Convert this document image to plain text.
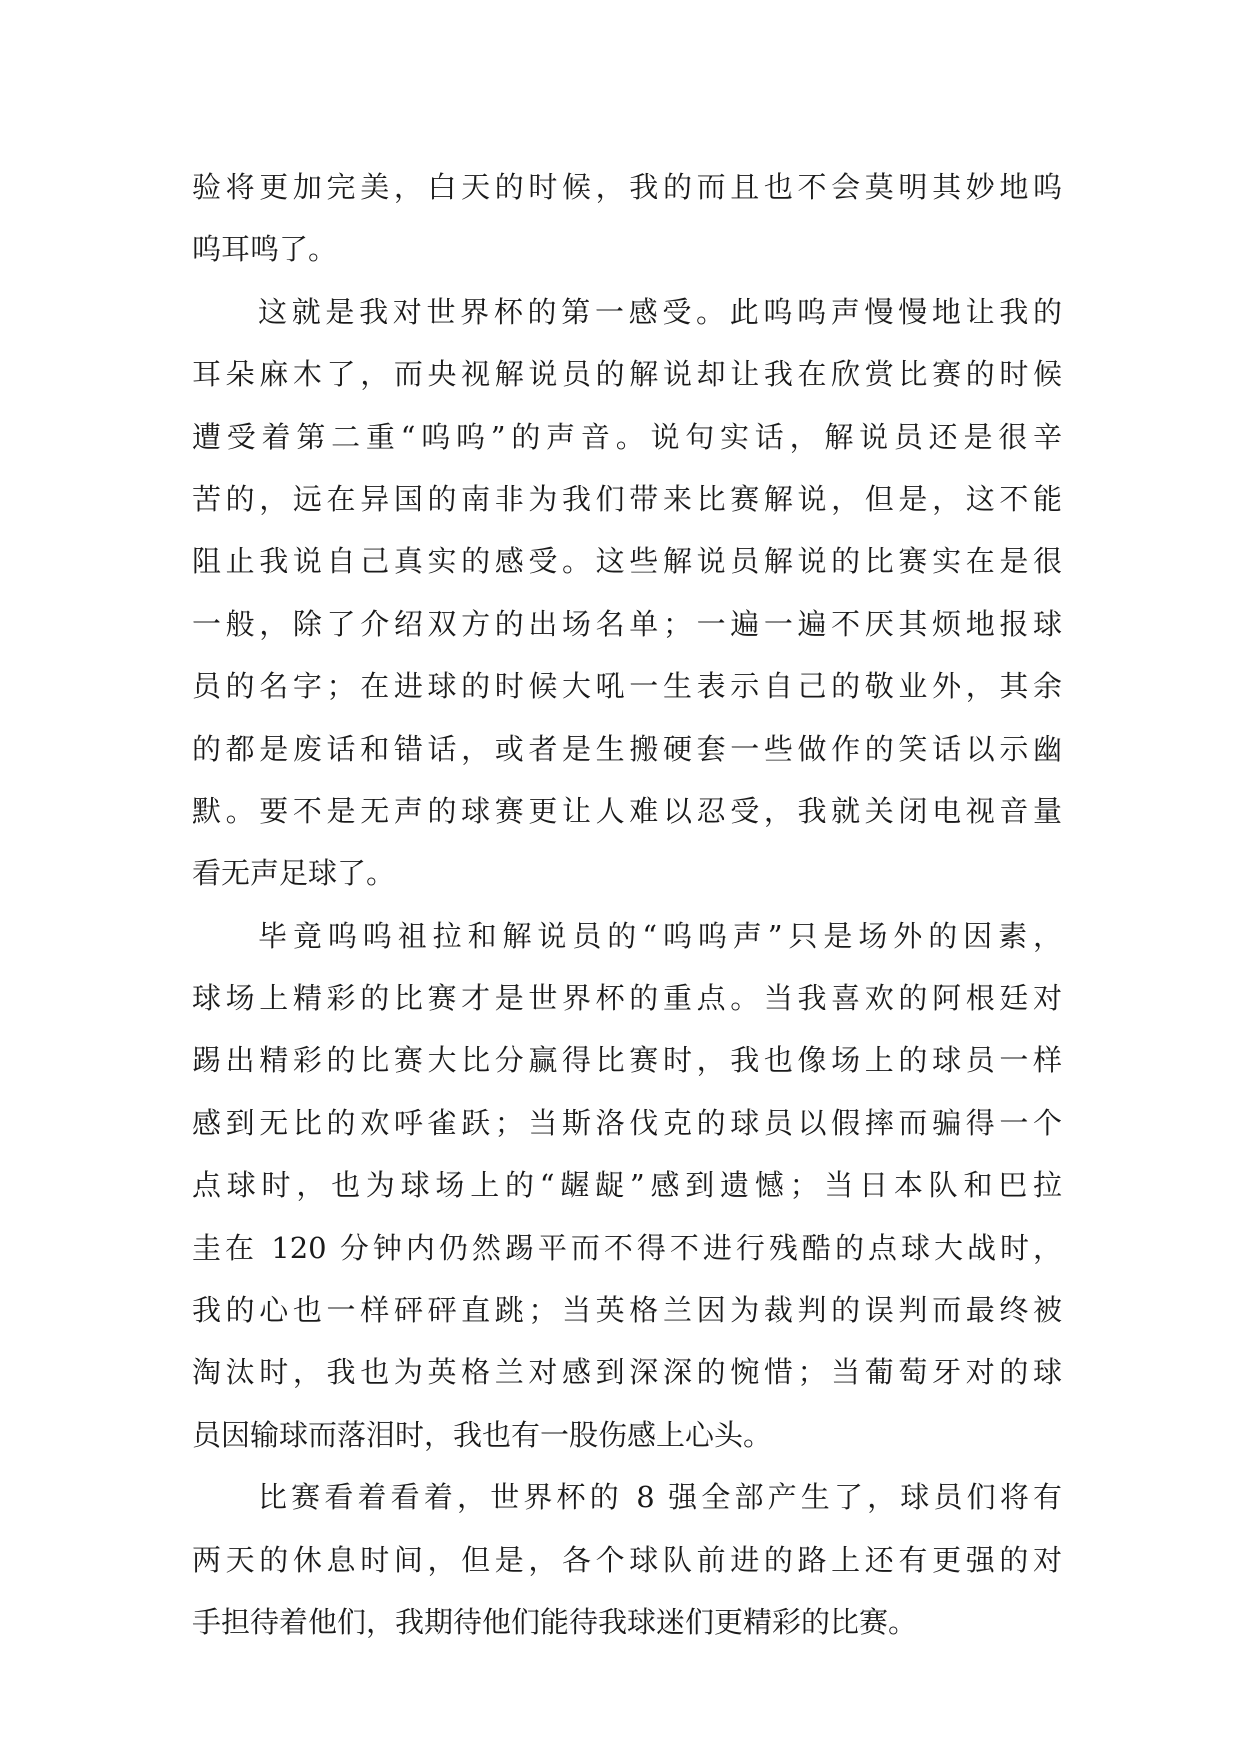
验将更加完美，白天的时候，我的而且也不会莫明其妙地呜
呜耳鸣了。
这就是我对世界杯的第一感受。此呜呜声慢慢地让我的
耳朵麻木了，而央视解说员的解说却让我在欣赏比赛的时候
遭受着第二重“呜呜”的声音。说句实话，解说员还是很辛
苦的，远在异国的南非为我们带来比赛解说，但是，这不能
阻止我说自己真实的感受。这些解说员解说的比赛实在是很
一般，除了介绍双方的出场名单；一遍一遍不厌其烦地报球
员的名字；在进球的时候大吼一生表示自己的敬业外，其余
的都是废话和错话，或者是生搬硬套一些做作的笑话以示幽
默。要不是无声的球赛更让人难以忍受，我就关闭电视音量
看无声足球了。
毕竟呜呜祖拉和解说员的“呜呜声”只是场外的因素，
球场上精彩的比赛才是世界杯的重点。当我喜欢的阿根廷对
踢出精彩的比赛大比分赢得比赛时，我也像场上的球员一样
感到无比的欢呼雀跃；当斯洛伐克的球员以假摔而骗得一个
点球时，也为球场上的“龌龊”感到遗憾；当日本队和巴拉
圭在 120 分钟内仍然踢平而不得不进行残酷的点球大战时，
我的心也一样砰砰直跳；当英格兰因为裁判的误判而最终被
淘汰时，我也为英格兰对感到深深的惋惜；当葡萄牙对的球
员因输球而落泪时，我也有一股伤感上心头。
比赛看着看着，世界杯的 8 强全部产生了，球员们将有
两天的休息时间，但是，各个球队前进的路上还有更强的对
手担待着他们，我期待他们能待我球迷们更精彩的比赛。
